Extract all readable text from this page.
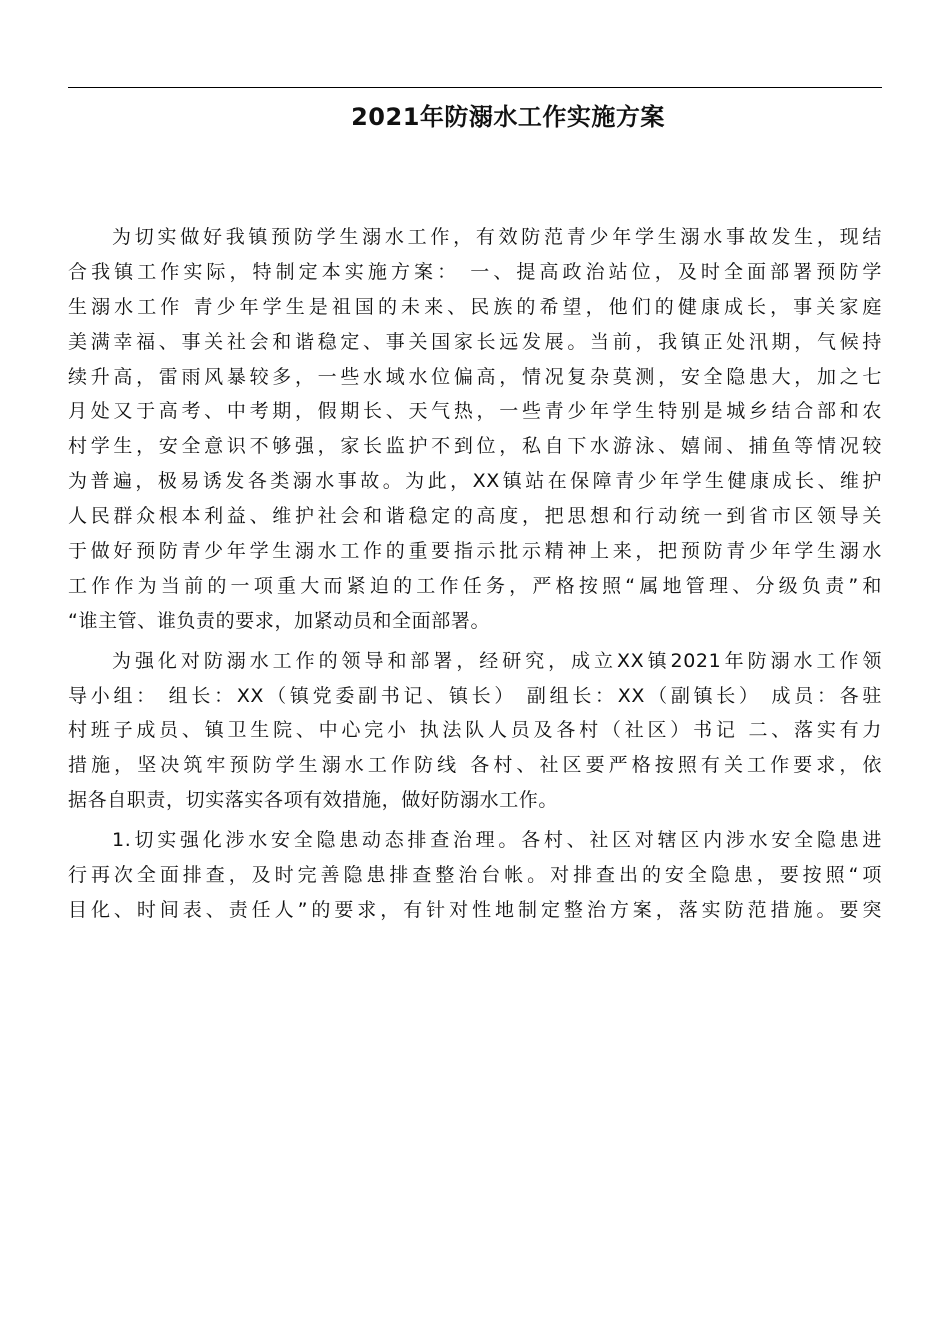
2021年防溺水工作实施方案
为切实做好我镇预防学生溺水工作，有效防范青少年学生溺水事故发生，现结
合我镇工作实际，特制定本实施方案： 一、提高政治站位，及时全面部署预防学
生溺水工作 青少年学生是祖国的未来、民族的希望，他们的健康成长，事关家庭
美满幸福、事关社会和谐稳定、事关国家长远发展。当前，我镇正处汛期，气候持
续升高，雷雨风暴较多，一些水域水位偏高，情况复杂莫测，安全隐患大，加之七
月处又于高考、中考期，假期长、天气热，一些青少年学生特别是城乡结合部和农
村学生，安全意识不够强，家长监护不到位，私自下水游泳、嬉闹、捕鱼等情况较
为普遍，极易诱发各类溺水事故。为此，XX镇站在保障青少年学生健康成长、维护
人民群众根本利益、维护社会和谐稳定的高度，把思想和行动统一到省市区领导关
于做好预防青少年学生溺水工作的重要指示批示精神上来，把预防青少年学生溺水
工作作为当前的一项重大而紧迫的工作任务，严格按照“属地管理、分级负责”和
“谁主管、谁负责的要求，加紧动员和全面部署。
为强化对防溺水工作的领导和部署，经研究，成立XX镇2021年防溺水工作领
导小组： 组长：XX（镇党委副书记、镇长） 副组长：XX（副镇长） 成员：各驻
村班子成员、镇卫生院、中心完小 执法队人员及各村（社区）书记 二、落实有力
措施，坚决筑牢预防学生溺水工作防线 各村、社区要严格按照有关工作要求，依
据各自职责，切实落实各项有效措施，做好防溺水工作。
1.切实强化涉水安全隐患动态排查治理。各村、社区对辖区内涉水安全隐患进
行再次全面排查，及时完善隐患排查整治台帐。对排查出的安全隐患，要按照“项
目化、时间表、责任人”的要求，有针对性地制定整治方案，落实防范措施。要突
